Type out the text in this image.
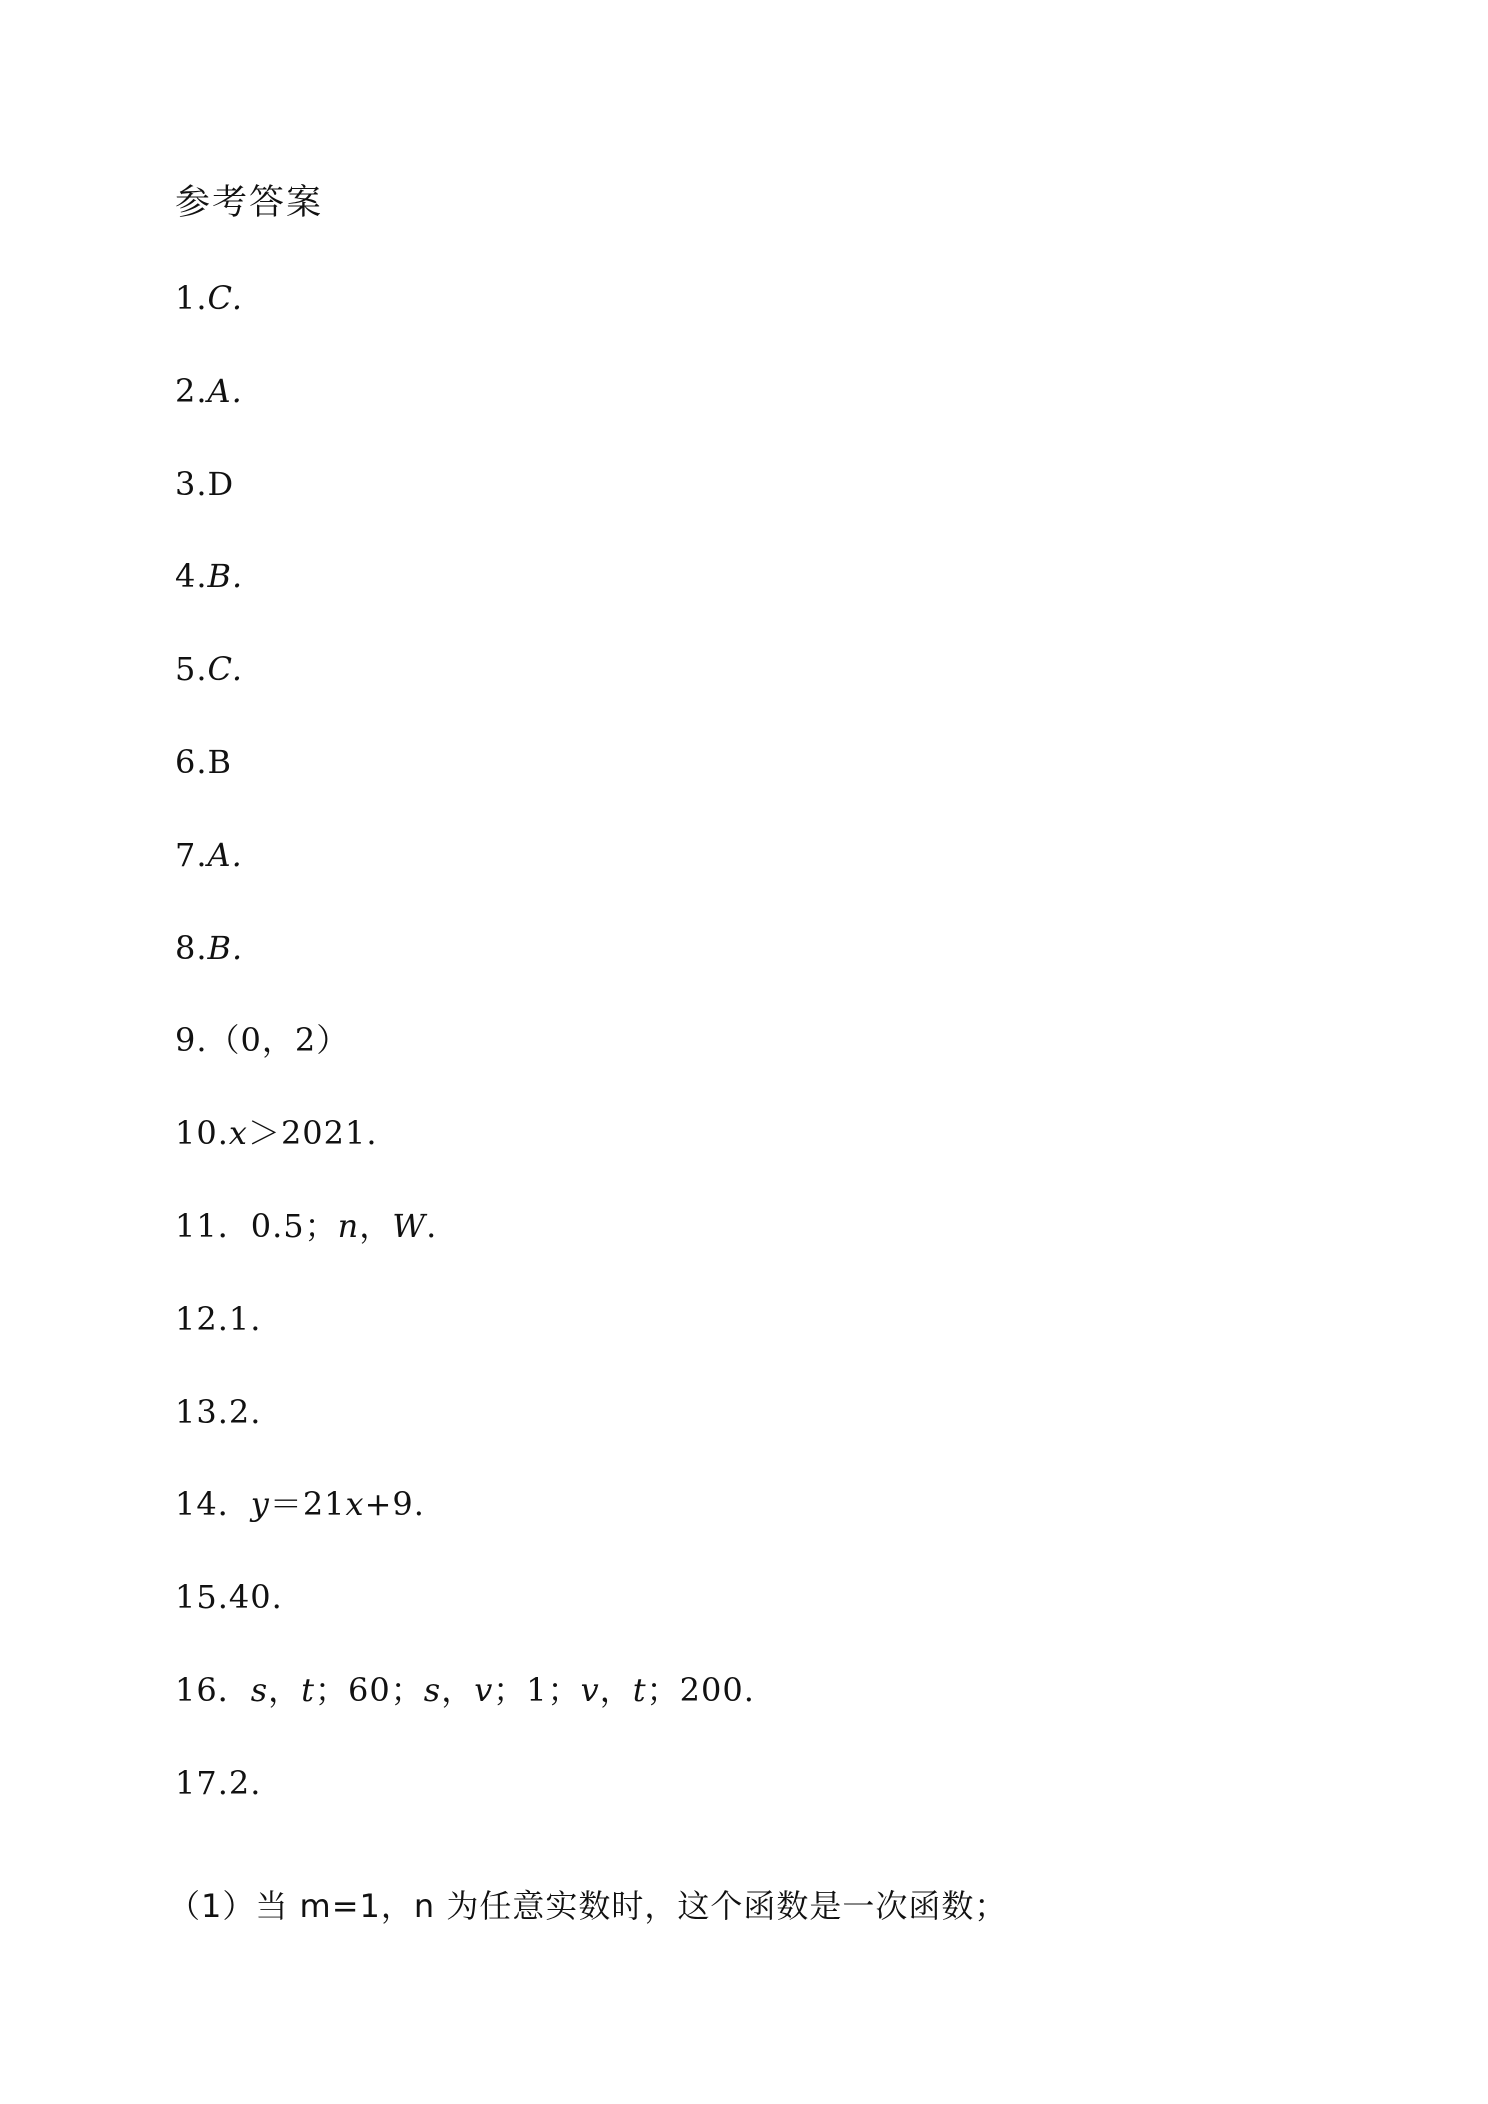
参考答案
1.C.
2.A.
3.D
4.B.
5.C.
6.B
7.A.
8.B.
9.（0，2）
10.x＞2021.
11．0.5；n，W.
12.1.
13.2.
14．y＝21x+9.
15.40.
16．s，t；60；s，v；1；v，t；200.
17.2.
（1）当 m=1，n 为任意实数时，这个函数是一次函数；
